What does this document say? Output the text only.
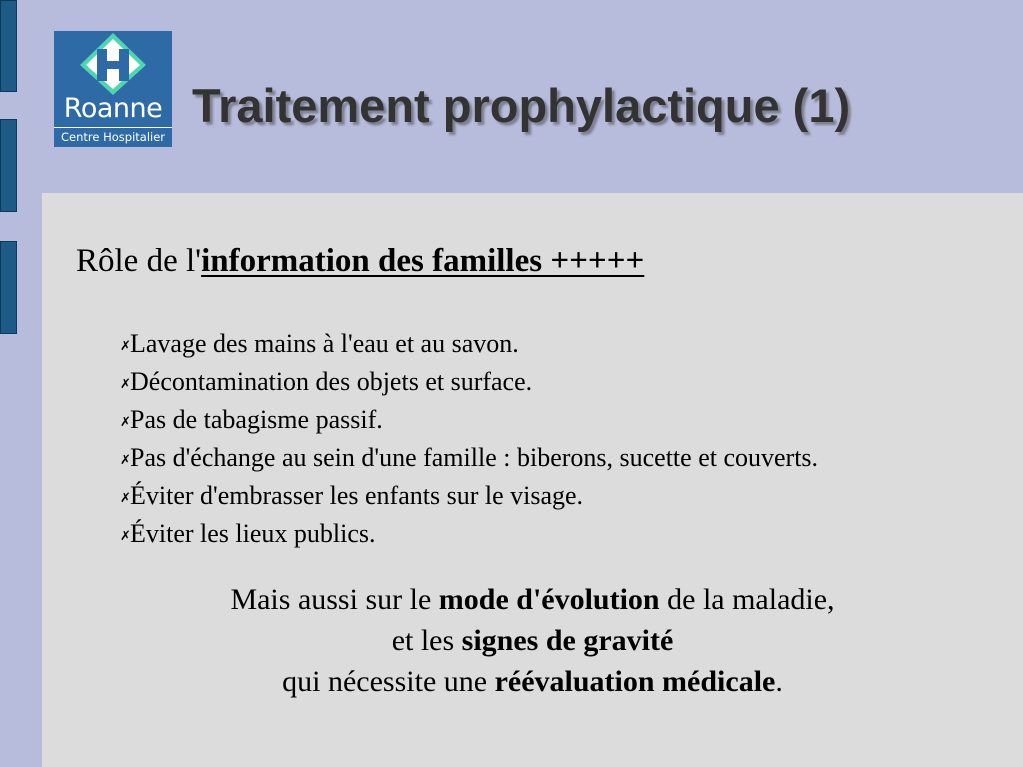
Roanne
Centre Hospitalier
Traitement prophylactique (1)

Rôle de l'information des familles +++++

✗Lavage des mains à l'eau et au savon.
✗Décontamination des objets et surface.
✗Pas de tabagisme passif.
✗Pas d'échange au sein d'une famille : biberons, sucette et couverts.
✗Éviter d'embrasser les enfants sur le visage.
✗Éviter les lieux publics.

Mais aussi sur le mode d'évolution de la maladie,
et les signes de gravité
qui nécessite une réévaluation médicale.
